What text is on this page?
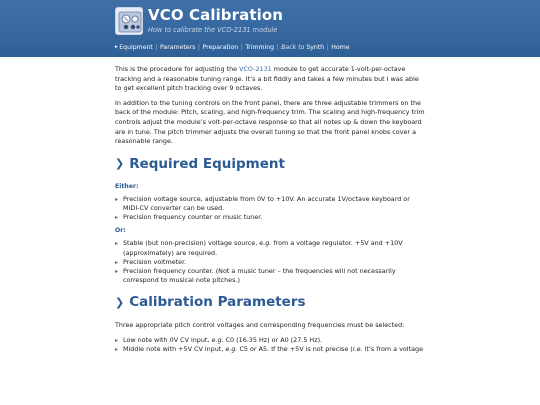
VCO Calibration
How to calibrate the VCO-2131 module
▸ Equipment | Parameters | Preparation | Trimming | Back to
Synth | Home

This is the procedure for adjusting the VCO-2131 module to get accurate 1-volt-per-octave tracking and a reasonable tuning range. It’s a bit fiddly and takes a few minutes but I was able to get excellent pitch tracking over 9 octaves.

In addition to the tuning controls on the front panel, there are three adjustable trimmers on the back of the module: Pitch, scaling, and high-frequency trim. The scaling and high-frequency trim controls adjust the module’s volt-per-octave response so that all notes up & down the keyboard are in tune. The pitch trimmer adjusts the overall tuning so that the front panel knobs cover a reasonable range.

❯ Required Equipment
Either:
▸ Precision voltage source, adjustable from 0V to +10V. An accurate 1V/octave keyboard or MIDI-CV converter can be used.
▸ Precision frequency counter or music tuner.
Or:
▸ Stable (but non-precision) voltage source, e.g. from a voltage regulator. +5V and +10V (approximately) are required.
▸ Precision voltmeter.
▸ Precision frequency counter. (Not a music tuner – the frequencies will not necessarily correspond to musical note pitches.)
❯ Calibration Parameters

Three appropriate pitch control voltages and corresponding frequencies must be selected:

▸ Low note with 0V CV input, e.g. C0 (16.35 Hz) or A0 (27.5 Hz).
▸ Middle note with +5V CV input, e.g. C5 or A5. If the +5V is not precise (i.e. it’s from a voltage
